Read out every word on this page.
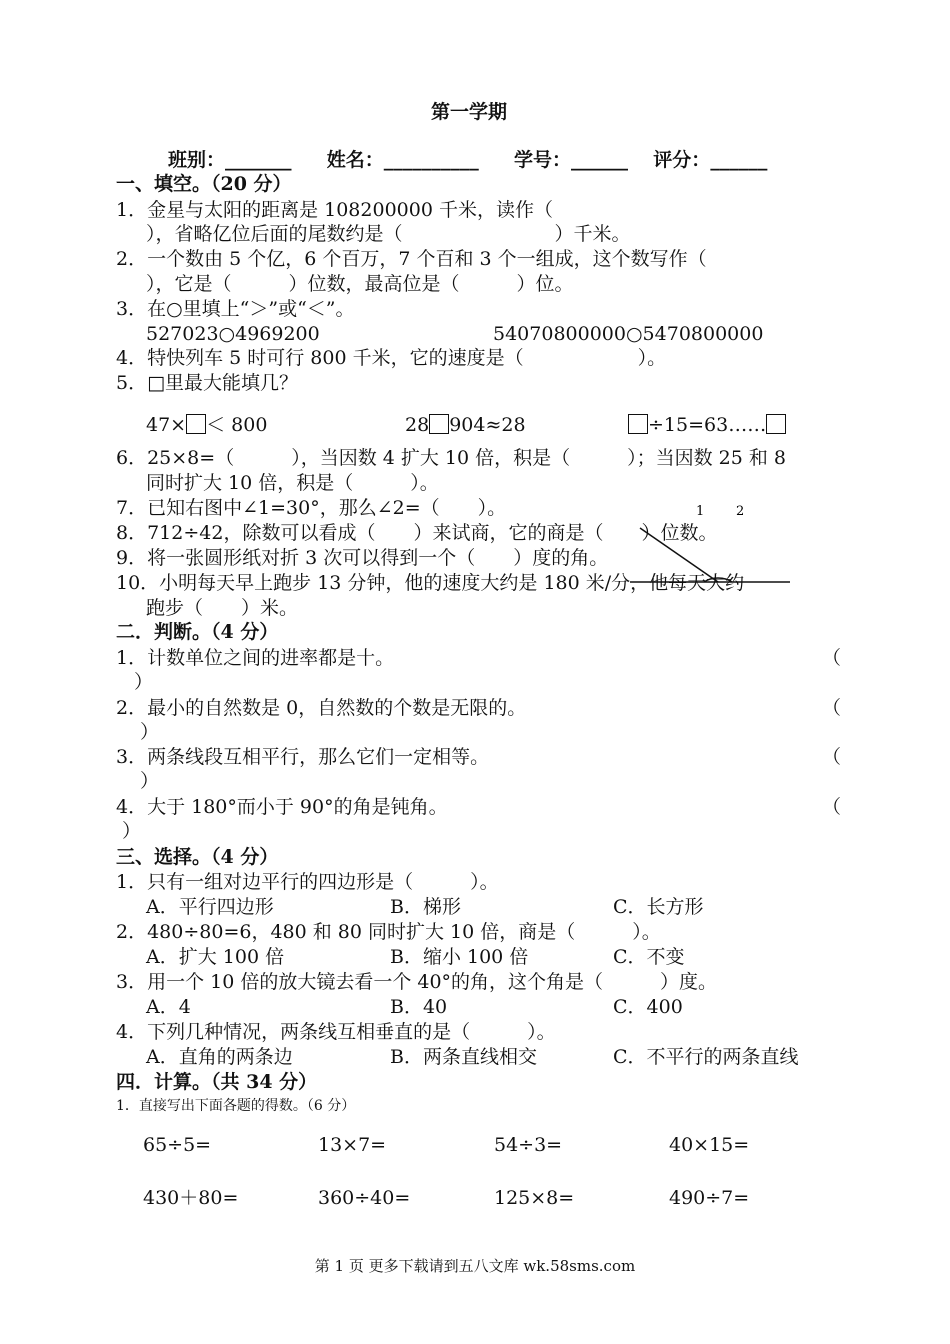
第一学期
班别：_______ 姓名：__________ 学号：______ 评分：______
一、填空。（20 分）
1．金星与太阳的距离是 108200000 千米，读作（
），省略亿位后面的尾数约是（　　　　　　　　）千米。
2．一个数由 5 个亿，6 个百万，7 个百和 3 个一组成，这个数写作（
），它是（　　　）位数，最高位是（　　　）位。
3．在○里填上“＞”或“＜”。
527023○4969200	54070800000○5470800000
4．特快列车 5 时可行 800 千米，它的速度是（　　　　　　）。
5．□里最大能填几？
47× ＜ 800	28 904≈28	÷15=63……
6．25×8=（　　　），当因数 4 扩大 10 倍，积是（　　　）；当因数 25 和 8
同时扩大 10 倍，积是（　　　）。
7．已知右图中∠1=30°，那么∠2=（　　）。
8．712÷42，除数可以看成（　　）来试商，它的商是（　　）位数。
9．将一张圆形纸对折 3 次可以得到一个（　　）度的角。
10．小明每天早上跑步 13 分钟，他的速度大约是 180 米/分，他每天大约
跑步（　　）米。
1 2
二．判断。（4 分）
1．计数单位之间的进率都是十。	（
）
2．最小的自然数是 0，自然数的个数是无限的。	（
）
3．两条线段互相平行，那么它们一定相等。	（
）
4．大于 180°而小于 90°的角是钝角。	（
）
三、选择。（4 分）
1．只有一组对边平行的四边形是（　　　）。
A．平行四边形	B．梯形	C．长方形
2．480÷80=6，480 和 80 同时扩大 10 倍，商是（　　　）。
A．扩大 100 倍	B．缩小 100 倍	C．不变
3．用一个 10 倍的放大镜去看一个 40°的角，这个角是（　　　）度。
A．4	B．40	C．400
4．下列几种情况，两条线互相垂直的是（　　　）。
A．直角的两条边	B．两条直线相交	C．不平行的两条直线
四．计算。（共 34 分）
1．直接写出下面各题的得数。（6 分）
65÷5=	13×7=	54÷3=	40×15=
430＋80=	360÷40=	125×8=	490÷7=
第 1 页 更多下载请到五八文库 wk.58sms.com
